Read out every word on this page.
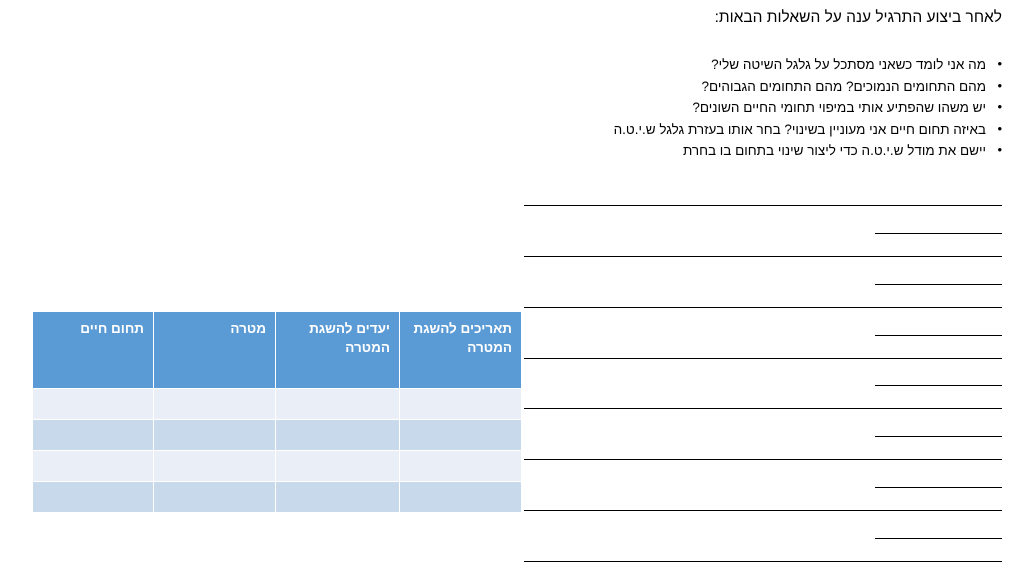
לאחר ביצוע התרגיל ענה על השאלות הבאות:

• מה אני לומד כשאני מסתכל על גלגל השיטה שלי?
• מהם התחומים הנמוכים? מהם התחומים הגבוהים?
• יש משהו שהפתיע אותי במיפוי תחומי החיים השונים?
• באיזה תחום חיים אני מעוניין בשינוי? בחר אותו בעזרת גלגל ש.י.ט.ה
• יישם את מודל ש.י.ט.ה כדי ליצור שינוי בתחום בו בחרת
תאריכים להשגת המטרה	יעדים להשגת המטרה	מטרה	תחום חיים
